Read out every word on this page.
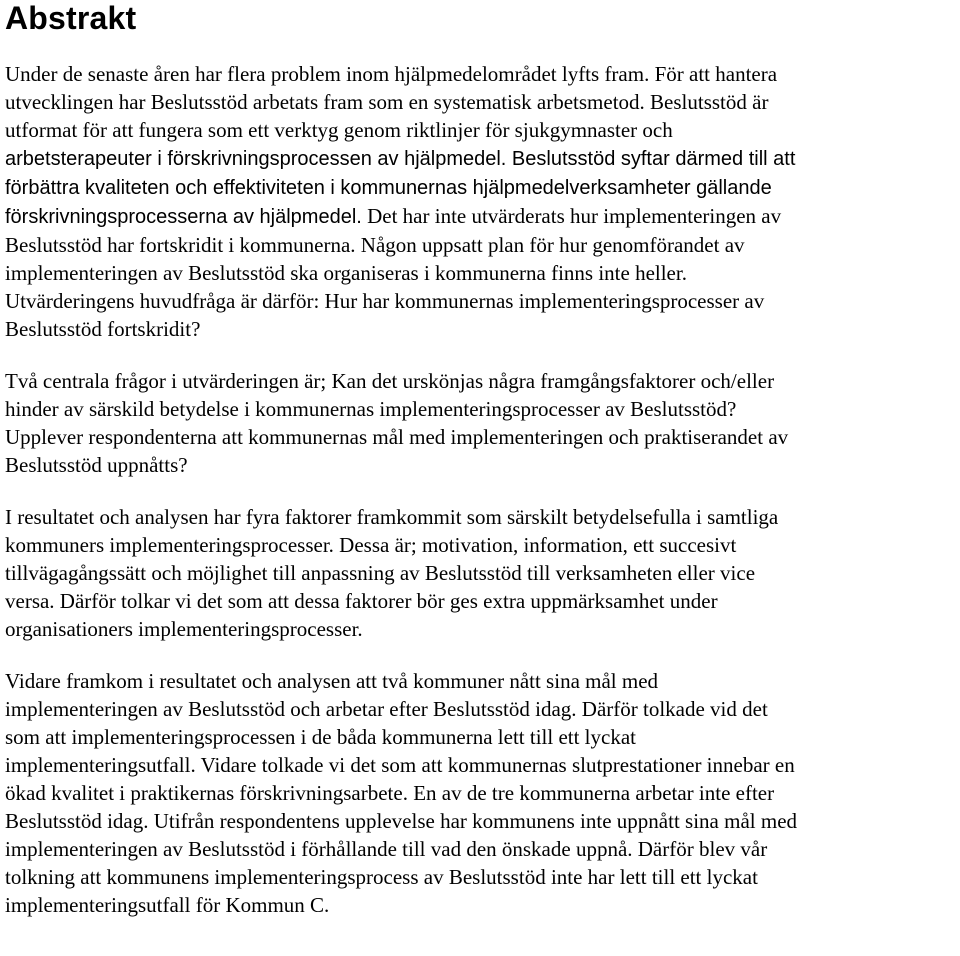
Abstrakt

Under de senaste åren har flera problem inom hjälpmedelområdet lyfts fram. För att hantera
utvecklingen har Beslutsstöd arbetats fram som en systematisk arbetsmetod. Beslutsstöd är
utformat för att fungera som ett verktyg genom riktlinjer för sjukgymnaster och
arbetsterapeuter i förskrivningsprocessen av hjälpmedel. Beslutsstöd syftar därmed till att
förbättra kvaliteten och effektiviteten i kommunernas hjälpmedelverksamheter gällande
förskrivningsprocesserna av hjälpmedel. Det har inte utvärderats hur implementeringen av
Beslutsstöd har fortskridit i kommunerna. Någon uppsatt plan för hur genomförandet av
implementeringen av Beslutsstöd ska organiseras i kommunerna finns inte heller.
Utvärderingens huvudfråga är därför: Hur har kommunernas implementeringsprocesser av
Beslutsstöd fortskridit?

Två centrala frågor i utvärderingen är; Kan det urskönjas några framgångsfaktorer och/eller
hinder av särskild betydelse i kommunernas implementeringsprocesser av Beslutsstöd?
Upplever respondenterna att kommunernas mål med implementeringen och praktiserandet av
Beslutsstöd uppnåtts?

I resultatet och analysen har fyra faktorer framkommit som särskilt betydelsefulla i samtliga
kommuners implementeringsprocesser. Dessa är; motivation, information, ett succesivt
tillvägagångssätt och möjlighet till anpassning av Beslutsstöd till verksamheten eller vice
versa. Därför tolkar vi det som att dessa faktorer bör ges extra uppmärksamhet under
organisationers implementeringsprocesser.

Vidare framkom i resultatet och analysen att två kommuner nått sina mål med
implementeringen av Beslutsstöd och arbetar efter Beslutsstöd idag. Därför tolkade vid det
som att implementeringsprocessen i de båda kommunerna lett till ett lyckat
implementeringsutfall. Vidare tolkade vi det som att kommunernas slutprestationer innebar en
ökad kvalitet i praktikernas förskrivningsarbete. En av de tre kommunerna arbetar inte efter
Beslutsstöd idag. Utifrån respondentens upplevelse har kommunens inte uppnått sina mål med
implementeringen av Beslutsstöd i förhållande till vad den önskade uppnå. Därför blev vår
tolkning att kommunens implementeringsprocess av Beslutsstöd inte har lett till ett lyckat
implementeringsutfall för Kommun C.
